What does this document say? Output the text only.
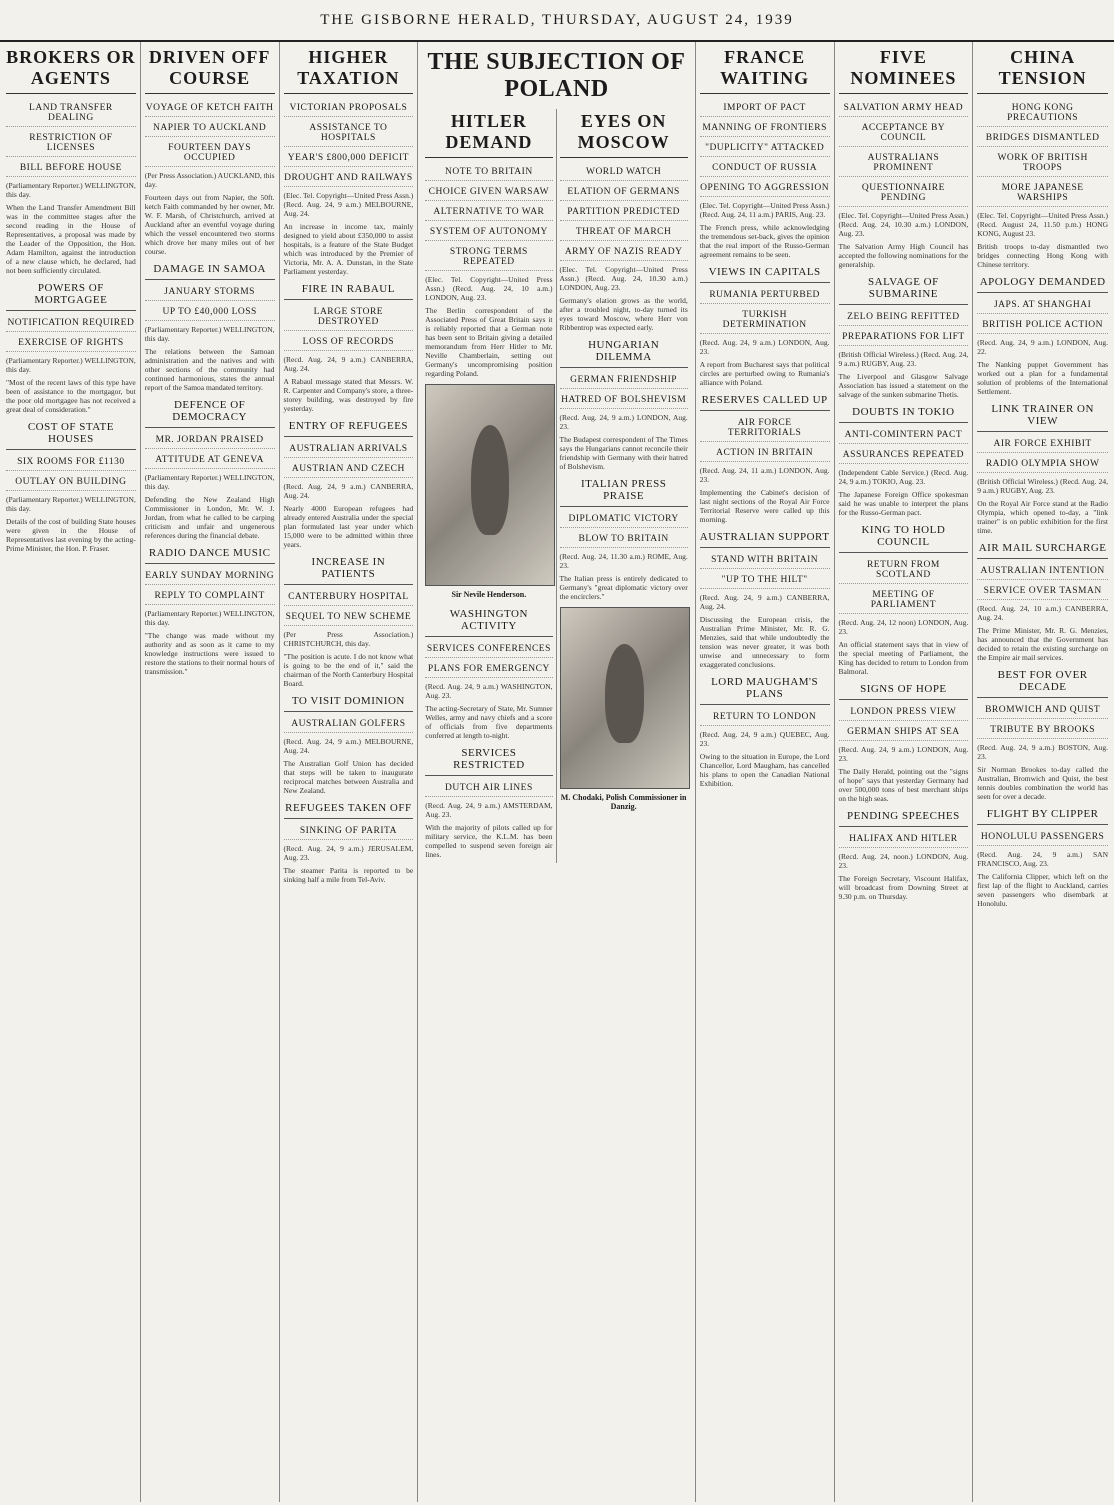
THE GISBORNE HERALD, THURSDAY, AUGUST 24, 1939
BROKERS OR AGENTS
LAND TRANSFER DEALING
RESTRICTION OF LICENSES
BILL BEFORE HOUSE
(Parliamentary Reporter.) WELLINGTON, this day.
When the Land Transfer Amendment Bill was in the committee stages after the second reading in the House of Representatives, a proposal was made by the Leader of the Opposition, the Hon. Adam Hamilton, against the introduction of a new clause which, he declared, had not been sufficiently circulated.
POWERS OF MORTGAGEE
NOTIFICATION REQUIRED
EXERCISE OF RIGHTS
(Parliamentary Reporter.) WELLINGTON, this day.
"Most of the recent laws of this type have been of assistance to the mortgagor, but the poor old mortgagee has not received a great deal of consideration."
COST OF STATE HOUSES
SIX ROOMS FOR £1130
OUTLAY ON BUILDING
(Parliamentary Reporter.) WELLINGTON, this day.
Details of the cost of building State houses were given in the House of Representatives last evening by the acting-Prime Minister, the Hon. P. Fraser.
DRIVEN OFF COURSE
VOYAGE OF KETCH FAITH
NAPIER TO AUCKLAND
FOURTEEN DAYS OCCUPIED
(Per Press Association.) AUCKLAND, this day.
Fourteen days out from Napier, the 50ft. ketch Faith commanded by her owner, Mr. W. F. Marsh, of Christchurch, arrived at Auckland after an eventful voyage during which the vessel encountered two storms which drove her many miles out of her course.
DAMAGE IN SAMOA
JANUARY STORMS
UP TO £40,000 LOSS
(Parliamentary Reporter.) WELLINGTON, this day.
The relations between the Samoan administration and the natives and with other sections of the community had continued harmonious, states the annual report of the Samoa mandated territory.
DEFENCE OF DEMOCRACY
MR. JORDAN PRAISED
ATTITUDE AT GENEVA
(Parliamentary Reporter.) WELLINGTON, this day.
Defending the New Zealand High Commissioner in London, Mr. W. J. Jordan, from what he called to be carping criticism and unfair and ungenerous references during the financial debate.
RADIO DANCE MUSIC
EARLY SUNDAY MORNING
REPLY TO COMPLAINT
(Parliamentary Reporter.) WELLINGTON, this day.
"The change was made without my authority and as soon as it came to my knowledge instructions were issued to restore the stations to their normal hours of transmission."
HIGHER TAXATION
VICTORIAN PROPOSALS
ASSISTANCE TO HOSPITALS
YEAR'S £800,000 DEFICIT
DROUGHT AND RAILWAYS
(Elec. Tel. Copyright—United Press Assn.) (Recd. Aug. 24, 9 a.m.) MELBOURNE, Aug. 24.
An increase in income tax, mainly designed to yield about £350,000 to assist hospitals, is a feature of the State Budget which was introduced by the Premier of Victoria, Mr. A. A. Dunstan, in the State Parliament yesterday.
FIRE IN RABAUL
LARGE STORE DESTROYED
LOSS OF RECORDS
(Recd. Aug. 24, 9 a.m.) CANBERRA, Aug. 24.
A Rabaul message stated that Messrs. W. R. Carpenter and Company's store, a three-storey building, was destroyed by fire yesterday.
ENTRY OF REFUGEES
AUSTRALIAN ARRIVALS
AUSTRIAN AND CZECH
(Recd. Aug. 24, 9 a.m.) CANBERRA, Aug. 24.
Nearly 4000 European refugees had already entered Australia under the special plan formulated last year under which 15,000 were to be admitted within three years.
INCREASE IN PATIENTS
CANTERBURY HOSPITAL
SEQUEL TO NEW SCHEME
(Per Press Association.) CHRISTCHURCH, this day.
"The position is acute. I do not know what is going to be the end of it," said the chairman of the North Canterbury Hospital Board.
TO VISIT DOMINION
AUSTRALIAN GOLFERS
(Recd. Aug. 24, 9 a.m.) MELBOURNE, Aug. 24.
The Australian Golf Union has decided that steps will be taken to inaugurate reciprocal matches between Australia and New Zealand.
REFUGEES TAKEN OFF
SINKING OF PARITA
(Recd. Aug. 24, 9 a.m.) JERUSALEM, Aug. 23.
The steamer Parita is reported to be sinking half a mile from Tel-Aviv.
THE SUBJECTION OF POLAND
HITLER DEMAND
NOTE TO BRITAIN
CHOICE GIVEN WARSAW
ALTERNATIVE TO WAR
SYSTEM OF AUTONOMY
STRONG TERMS REPEATED
(Elec. Tel. Copyright—United Press Assn.) (Recd. Aug. 24, 10 a.m.) LONDON, Aug. 23.
The Berlin correspondent of the Associated Press of Great Britain says it is reliably reported that a German note has been sent to Britain giving a detailed memorandum from Herr Hitler to Mr. Neville Chamberlain, setting out Germany's uncompromising position regarding Poland.
Sir Nevile Henderson.
WASHINGTON ACTIVITY
SERVICES CONFERENCES
PLANS FOR EMERGENCY
(Recd. Aug. 24, 9 a.m.) WASHINGTON, Aug. 23.
The acting-Secretary of State, Mr. Sumner Welles, army and navy chiefs and a score of officials from five departments conferred at length to-night.
SERVICES RESTRICTED
DUTCH AIR LINES
(Recd. Aug. 24, 9 a.m.) AMSTERDAM, Aug. 23.
With the majority of pilots called up for military service, the K.L.M. has been compelled to suspend seven foreign air lines.
EYES ON MOSCOW
WORLD WATCH
ELATION OF GERMANS
PARTITION PREDICTED
THREAT OF MARCH
ARMY OF NAZIS READY
(Elec. Tel. Copyright—United Press Assn.) (Recd. Aug. 24, 10.30 a.m.) LONDON, Aug. 23.
Germany's elation grows as the world, after a troubled night, to-day turned its eyes toward Moscow, where Herr von Ribbentrop was expected early.
HUNGARIAN DILEMMA
GERMAN FRIENDSHIP
HATRED OF BOLSHEVISM
(Recd. Aug. 24, 9 a.m.) LONDON, Aug. 23.
The Budapest correspondent of The Times says the Hungarians cannot reconcile their friendship with Germany with their hatred of Bolshevism.
ITALIAN PRESS PRAISE
DIPLOMATIC VICTORY
BLOW TO BRITAIN
(Recd. Aug. 24, 11.30 a.m.) ROME, Aug. 23.
The Italian press is entirely dedicated to Germany's "great diplomatic victory over the encirclers."
M. Chodaki, Polish Commissioner in Danzig.
FRANCE WAITING
IMPORT OF PACT
MANNING OF FRONTIERS
"DUPLICITY" ATTACKED
CONDUCT OF RUSSIA
OPENING TO AGGRESSION
(Elec. Tel. Copyright—United Press Assn.) (Recd. Aug. 24, 11 a.m.) PARIS, Aug. 23.
The French press, while acknowledging the tremendous set-back, gives the opinion that the real import of the Russo-German agreement remains to be seen.
VIEWS IN CAPITALS
RUMANIA PERTURBED
TURKISH DETERMINATION
(Recd. Aug. 24, 9 a.m.) LONDON, Aug. 23.
A report from Bucharest says that political circles are perturbed owing to Rumania's alliance with Poland.
RESERVES CALLED UP
AIR FORCE TERRITORIALS
ACTION IN BRITAIN
(Recd. Aug. 24, 11 a.m.) LONDON, Aug. 23.
Implementing the Cabinet's decision of last night sections of the Royal Air Force Territorial Reserve were called up this morning.
AUSTRALIAN SUPPORT
STAND WITH BRITAIN
"UP TO THE HILT"
(Recd. Aug. 24, 9 a.m.) CANBERRA, Aug. 24.
Discussing the European crisis, the Australian Prime Minister, Mr. R. G. Menzies, said that while undoubtedly the tension was never greater, it was both unwise and unnecessary to form exaggerated conclusions.
LORD MAUGHAM'S PLANS
RETURN TO LONDON
(Recd. Aug. 24, 9 a.m.) QUEBEC, Aug. 23.
Owing to the situation in Europe, the Lord Chancellor, Lord Maugham, has cancelled his plans to open the Canadian National Exhibition.
FIVE NOMINEES
SALVATION ARMY HEAD
ACCEPTANCE BY COUNCIL
AUSTRALIANS PROMINENT
QUESTIONNAIRE PENDING
(Elec. Tel. Copyright—United Press Assn.) (Recd. Aug. 24, 10.30 a.m.) LONDON, Aug. 23.
The Salvation Army High Council has accepted the following nominations for the generalship.
SALVAGE OF SUBMARINE
ZELO BEING REFITTED
PREPARATIONS FOR LIFT
(British Official Wireless.) (Recd. Aug. 24, 9 a.m.) RUGBY, Aug. 23.
The Liverpool and Glasgow Salvage Association has issued a statement on the salvage of the sunken submarine Thetis.
DOUBTS IN TOKIO
ANTI-COMINTERN PACT
ASSURANCES REPEATED
(Independent Cable Service.) (Recd. Aug. 24, 9 a.m.) TOKIO, Aug. 23.
The Japanese Foreign Office spokesman said he was unable to interpret the plans for the Russo-German pact.
KING TO HOLD COUNCIL
RETURN FROM SCOTLAND
MEETING OF PARLIAMENT
(Recd. Aug. 24, 12 noon) LONDON, Aug. 23.
An official statement says that in view of the special meeting of Parliament, the King has decided to return to London from Balmoral.
SIGNS OF HOPE
LONDON PRESS VIEW
GERMAN SHIPS AT SEA
(Recd. Aug. 24, 9 a.m.) LONDON, Aug. 23.
The Daily Herald, pointing out the "signs of hope" says that yesterday Germany had over 500,000 tons of best merchant ships on the high seas.
PENDING SPEECHES
HALIFAX AND HITLER
(Recd. Aug. 24, noon.) LONDON, Aug. 23.
The Foreign Secretary, Viscount Halifax, will broadcast from Downing Street at 9.30 p.m. on Thursday.
CHINA TENSION
HONG KONG PRECAUTIONS
BRIDGES DISMANTLED
WORK OF BRITISH TROOPS
MORE JAPANESE WARSHIPS
(Elec. Tel. Copyright—United Press Assn.) (Recd. August 24, 11.50 p.m.) HONG KONG, August 23.
British troops to-day dismantled two bridges connecting Hong Kong with Chinese territory.
APOLOGY DEMANDED
JAPS. AT SHANGHAI
BRITISH POLICE ACTION
(Recd. Aug. 24, 9 a.m.) LONDON, Aug. 22.
The Nanking puppet Government has worked out a plan for a fundamental solution of problems of the International Settlement.
LINK TRAINER ON VIEW
AIR FORCE EXHIBIT
RADIO OLYMPIA SHOW
(British Official Wireless.) (Recd. Aug. 24, 9 a.m.) RUGBY, Aug. 23.
On the Royal Air Force stand at the Radio Olympia, which opened to-day, a "link trainer" is on public exhibition for the first time.
AIR MAIL SURCHARGE
AUSTRALIAN INTENTION
SERVICE OVER TASMAN
(Recd. Aug. 24, 10 a.m.) CANBERRA, Aug. 24.
The Prime Minister, Mr. R. G. Menzies, has announced that the Government has decided to retain the existing surcharge on the Empire air mail services.
BEST FOR OVER DECADE
BROMWICH AND QUIST
TRIBUTE BY BROOKS
(Recd. Aug. 24, 9 a.m.) BOSTON, Aug. 23.
Sir Norman Brookes to-day called the Australian, Bromwich and Quist, the best tennis doubles combination the world has seen for over a decade.
FLIGHT BY CLIPPER
HONOLULU PASSENGERS
(Recd. Aug. 24, 9 a.m.) SAN FRANCISCO, Aug. 23.
The California Clipper, which left on the first lap of the flight to Auckland, carries seven passengers who disembark at Honolulu.
